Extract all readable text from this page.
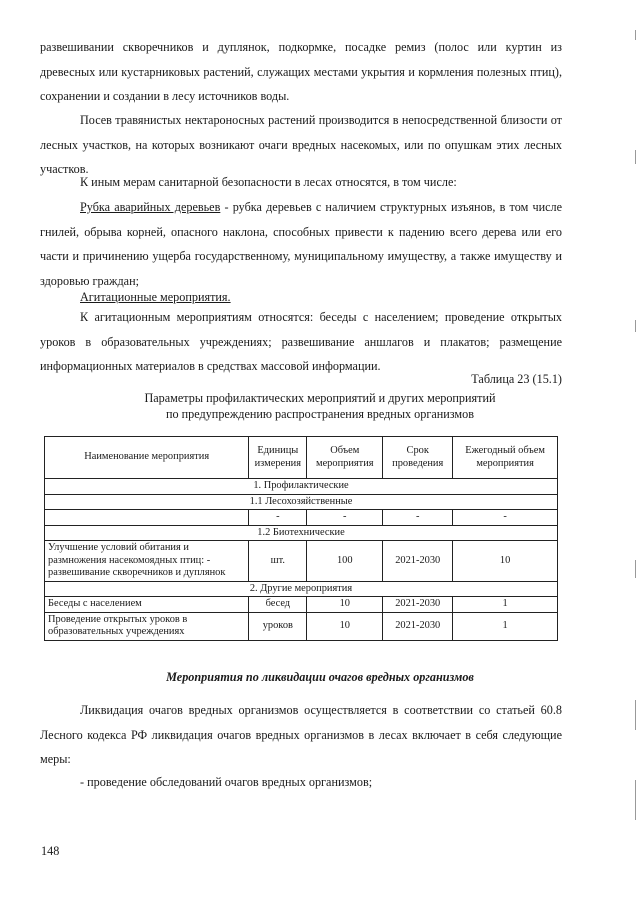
развешивании скворечников и дуплянок, подкормке, посадке ремиз (полос или куртин из древесных или кустарниковых растений, служащих местами укрытия и кормления полезных птиц), сохранении и создании в лесу источников воды.

Посев травянистых нектароносных растений производится в непосредственной близости от лесных участков, на которых возникают очаги вредных насекомых, или по опушкам этих лесных участков.

К иным мерам санитарной безопасности в лесах относятся, в том числе:

Рубка аварийных деревьев - рубка деревьев с наличием структурных изъянов, в том числе гнилей, обрыва корней, опасного наклона, способных привести к падению всего дерева или его части и причинению ущерба государственному, муниципальному имуществу, а также имуществу и здоровью граждан;

Агитационные мероприятия.

К агитационным мероприятиям относятся: беседы с населением; проведение открытых уроков в образовательных учреждениях; развешивание аншлагов и плакатов; размещение информационных материалов в средствах массовой информации.

Таблица 23 (15.1)
Параметры профилактических мероприятий и других мероприятий
по предупреждению распространения вредных организмов
Наименование мероприятия	Единицы измерения	Объем мероприятия	Срок проведения	Ежегодный объем мероприятия
1. Профилактические				
1.1 Лесохозяйственные				
	-	-	-	-
1.2 Биотехнические				
Улучшение условий обитания и размножения насекомоядных птиц: - развешивание скворечников и дуплянок	шт.	100	2021-2030	10
2. Другие мероприятия				
Беседы с населением	бесед	10	2021-2030	1
Проведение открытых уроков в образовательных учреждениях	уроков	10	2021-2030	1
Мероприятия по ликвидации очагов вредных организмов

Ликвидация очагов вредных организмов осуществляется в соответствии со статьей 60.8 Лесного кодекса РФ ликвидация очагов вредных организмов в лесах включает в себя следующие меры:

- проведение обследований очагов вредных организмов;

148
